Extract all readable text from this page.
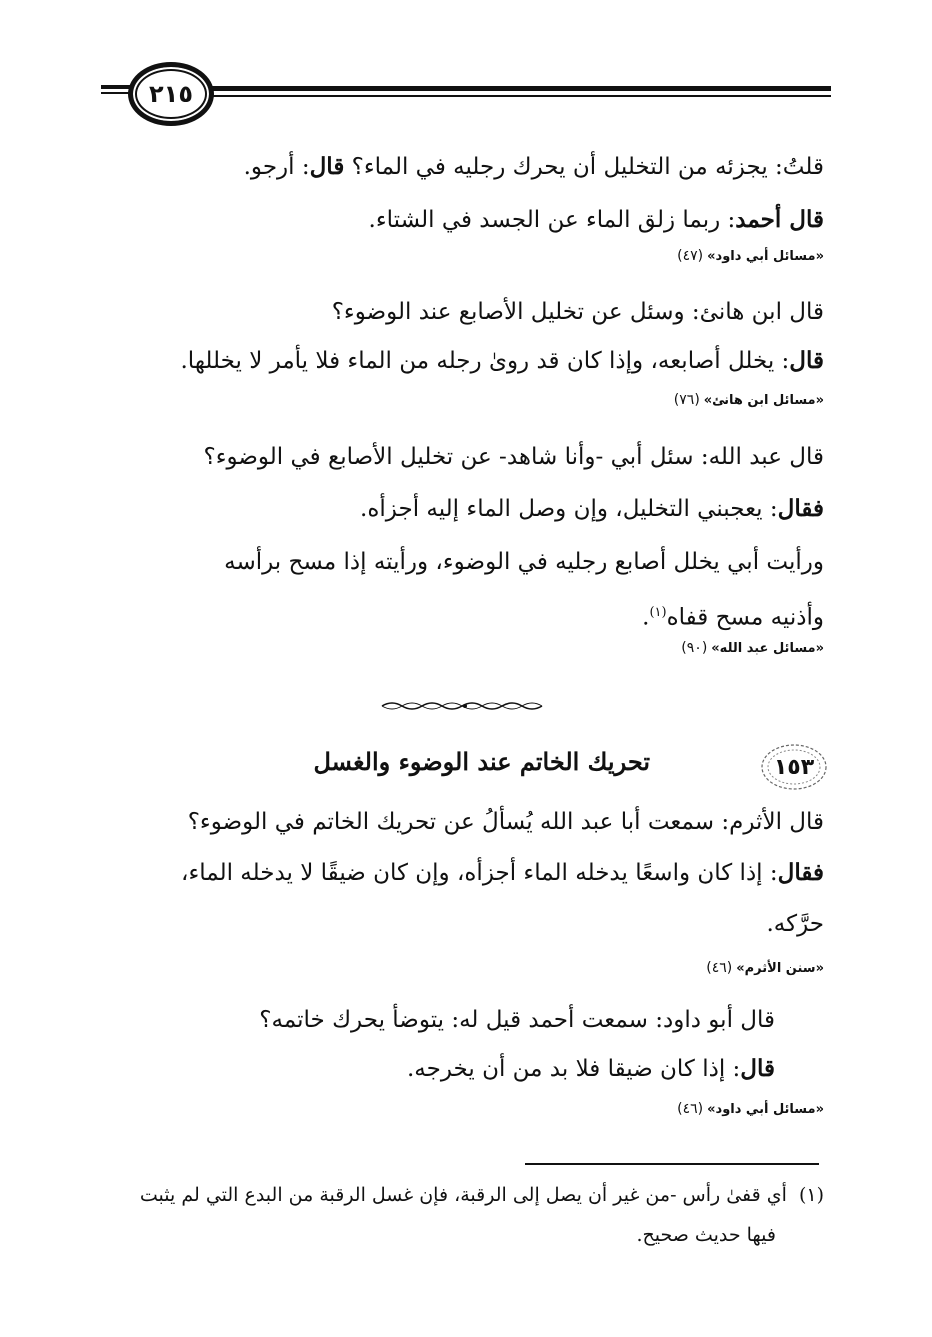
٢١٥
قلتُ: يجزئه من التخليل أن يحرك رجليه في الماء؟ قال: أرجو.
قال أحمد: ربما زلق الماء عن الجسد في الشتاء.
«مسائل أبي داود»(٤٧)
قال ابن هانئ: وسئل عن تخليل الأصابع عند الوضوء؟
قال: يخلل أصابعه، وإذا كان قد روىٰ رجله من الماء فلا يأمر لا يخللها.
«مسائل ابن هانئ»(٧٦)
قال عبد الله: سئل أبي -وأنا شاهد- عن تخليل الأصابع في الوضوء؟
فقال: يعجبني التخليل، وإن وصل الماء إليه أجزأه.
ورأيت أبي يخلل أصابع رجليه في الوضوء، ورأيته إذا مسح برأسه
وأذنيه مسح قفاه$^{(١)}$.
«مسائل عبد الله»(٩٠)
١٥٣
تحريك الخاتم عند الوضوء والغسل
قال الأثرم: سمعت أبا عبد الله يُسألُ عن تحريك الخاتم في الوضوء؟
فقال: إذا كان واسعًا يدخله الماء أجزأه، وإن كان ضيقًا لا يدخله الماء،
حرَّكه.
«سنن الأثرم»(٤٦)
قال أبو داود: سمعت أحمد قيل له: يتوضأ يحرك خاتمه؟
قال: إذا كان ضيقا فلا بد من أن يخرجه.
«مسائل أبي داود»(٤٦)
(١)أي قفىٰ رأس -من غير أن يصل إلى الرقبة، فإن غسل الرقبة من البدع التي لم يثبت
فيها حديث صحيح.
